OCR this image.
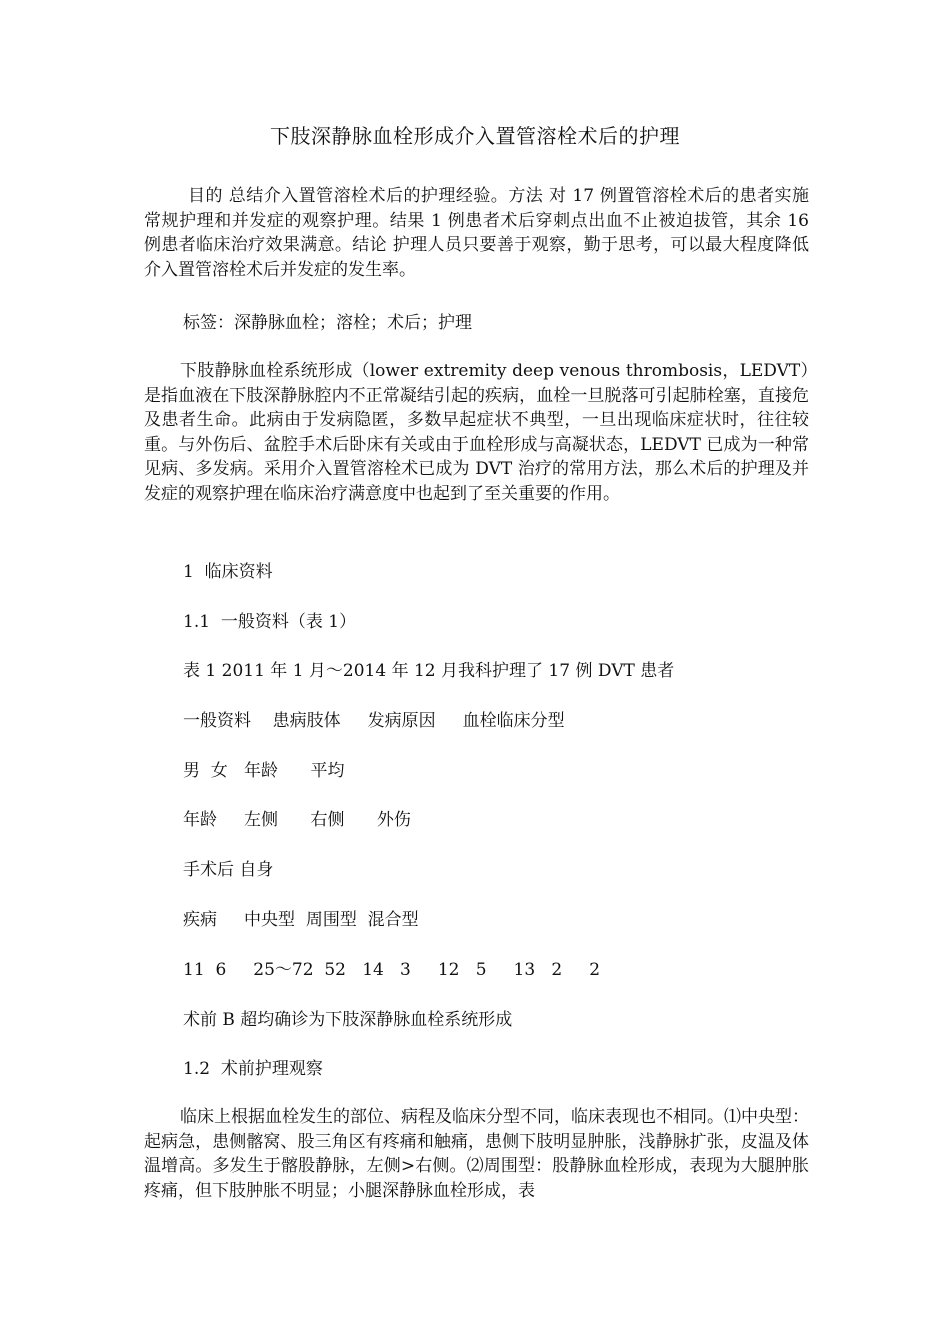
下肢深静脉血栓形成介入置管溶栓术后的护理
目的 总结介入置管溶栓术后的护理经验。方法 对 17 例置管溶栓术后的患者实施常规护理和并发症的观察护理。结果 1 例患者术后穿刺点出血不止被迫拔管，其余 16 例患者临床治疗效果满意。结论 护理人员只要善于观察，勤于思考，可以最大程度降低介入置管溶栓术后并发症的发生率。
标签：深静脉血栓；溶栓；术后；护理
下肢静脉血栓系统形成（lower extremity deep venous thrombosis，LEDVT）是指血液在下肢深静脉腔内不正常凝结引起的疾病，血栓一旦脱落可引起肺栓塞，直接危及患者生命。此病由于发病隐匿，多数早起症状不典型，一旦出现临床症状时，往往较重。与外伤后、盆腔手术后卧床有关或由于血栓形成与高凝状态，LEDVT 已成为一种常见病、多发病。采用介入置管溶栓术已成为 DVT 治疗的常用方法，那么术后的护理及并发症的观察护理在临床治疗满意度中也起到了至关重要的作用。
1  临床资料
1.1  一般资料（表 1）
表 1 2011 年 1 月～2014 年 12 月我科护理了 17 例 DVT 患者
一般资料    患病肢体     发病原因     血栓临床分型
男  女   年龄      平均
年龄     左侧      右侧      外伤
手术后 自身
疾病     中央型  周围型  混合型
11  6     25～72  52   14   3     12   5     13   2     2
术前 B 超均确诊为下肢深静脉血栓系统形成
1.2  术前护理观察
临床上根据血栓发生的部位、病程及临床分型不同，临床表现也不相同。⑴中央型：起病急，患侧髂窝、股三角区有疼痛和触痛，患侧下肢明显肿胀，浅静脉扩张，皮温及体温增高。多发生于髂股静脉，左侧>右侧。⑵周围型：股静脉血栓形成，表现为大腿肿胀疼痛，但下肢肿胀不明显；小腿深静脉血栓形成，表
